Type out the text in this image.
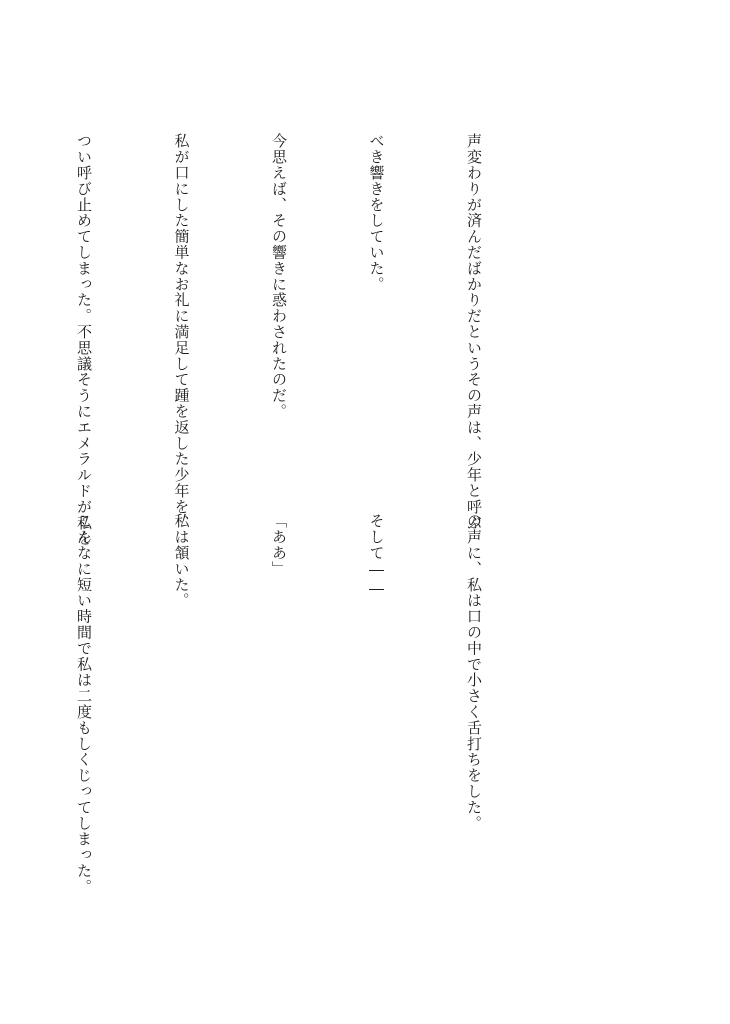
声変わりが済んだばかりだというその声は、少年と呼ぶ

べき響きをしていた。

今思えば、その響きに惑わされたのだ。

私が口にした簡単なお礼に満足して踵を返した少年を、

つい呼び止めてしまった。不思議そうにエメラルドが私を

の声に、私は口の中で小さく舌打ちをした。

そして――

「ああ」

私は頷いた。

こんなに短い時間で私は二度もしくじってしまった。
